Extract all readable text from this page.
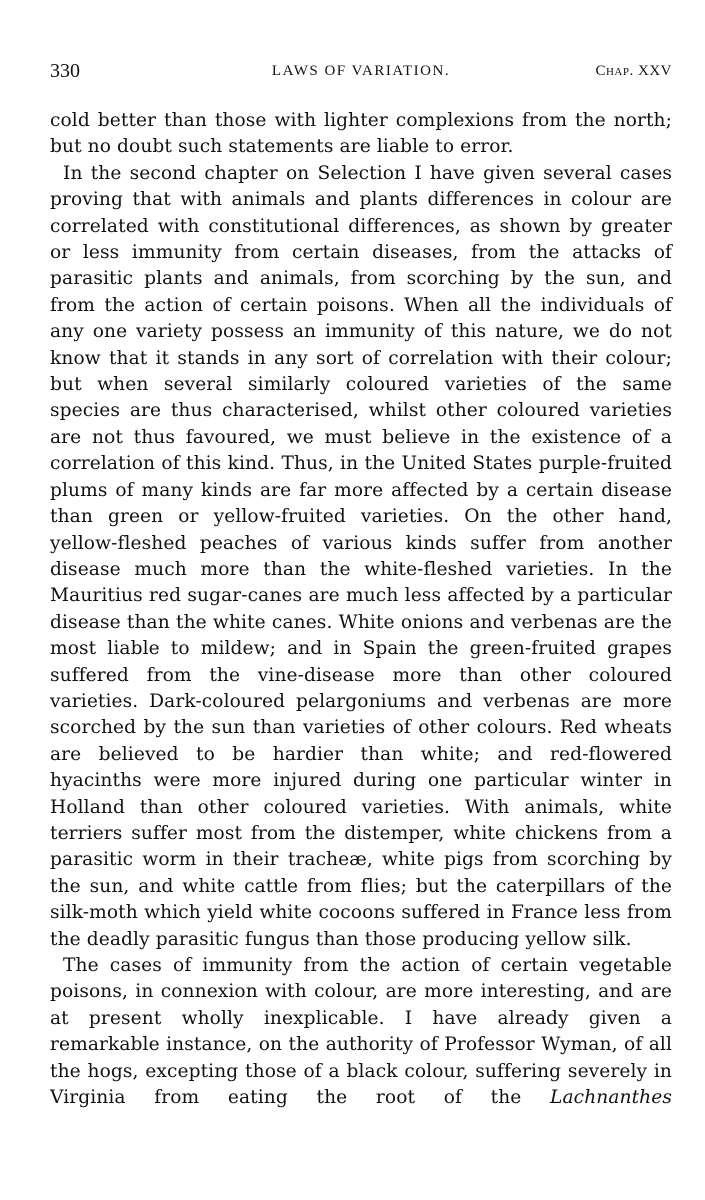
330	LAWS OF VARIATION.	Chap. XXV

cold better than those with lighter complexions from the north; but no doubt such statements are liable to error.

In the second chapter on Selection I have given several cases proving that with animals and plants differences in colour are correlated with constitutional differences, as shown by greater or less immunity from certain diseases, from the attacks of parasitic plants and animals, from scorching by the sun, and from the action of certain poisons. When all the individuals of any one variety possess an immunity of this nature, we do not know that it stands in any sort of correlation with their colour; but when several similarly coloured varieties of the same species are thus characterised, whilst other coloured varieties are not thus favoured, we must believe in the existence of a correlation of this kind. Thus, in the United States purple-fruited plums of many kinds are far more affected by a certain disease than green or yellow-fruited varieties. On the other hand, yellow-fleshed peaches of various kinds suffer from another disease much more than the white-fleshed varieties. In the Mauritius red sugar-canes are much less affected by a particular disease than the white canes. White onions and verbenas are the most liable to mildew; and in Spain the green-fruited grapes suffered from the vine-disease more than other coloured varieties. Dark-coloured pelargoniums and verbenas are more scorched by the sun than varieties of other colours. Red wheats are believed to be hardier than white; and red-flowered hyacinths were more injured during one particular winter in Holland than other coloured varieties. With animals, white terriers suffer most from the distemper, white chickens from a parasitic worm in their tracheæ, white pigs from scorching by the sun, and white cattle from flies; but the caterpillars of the silk-moth which yield white cocoons suffered in France less from the deadly parasitic fungus than those producing yellow silk.

The cases of immunity from the action of certain vegetable poisons, in connexion with colour, are more interesting, and are at present wholly inexplicable. I have already given a remarkable instance, on the authority of Professor Wyman, of all the hogs, excepting those of a black colour, suffering severely in Virginia from eating the root of the Lachnanthes
